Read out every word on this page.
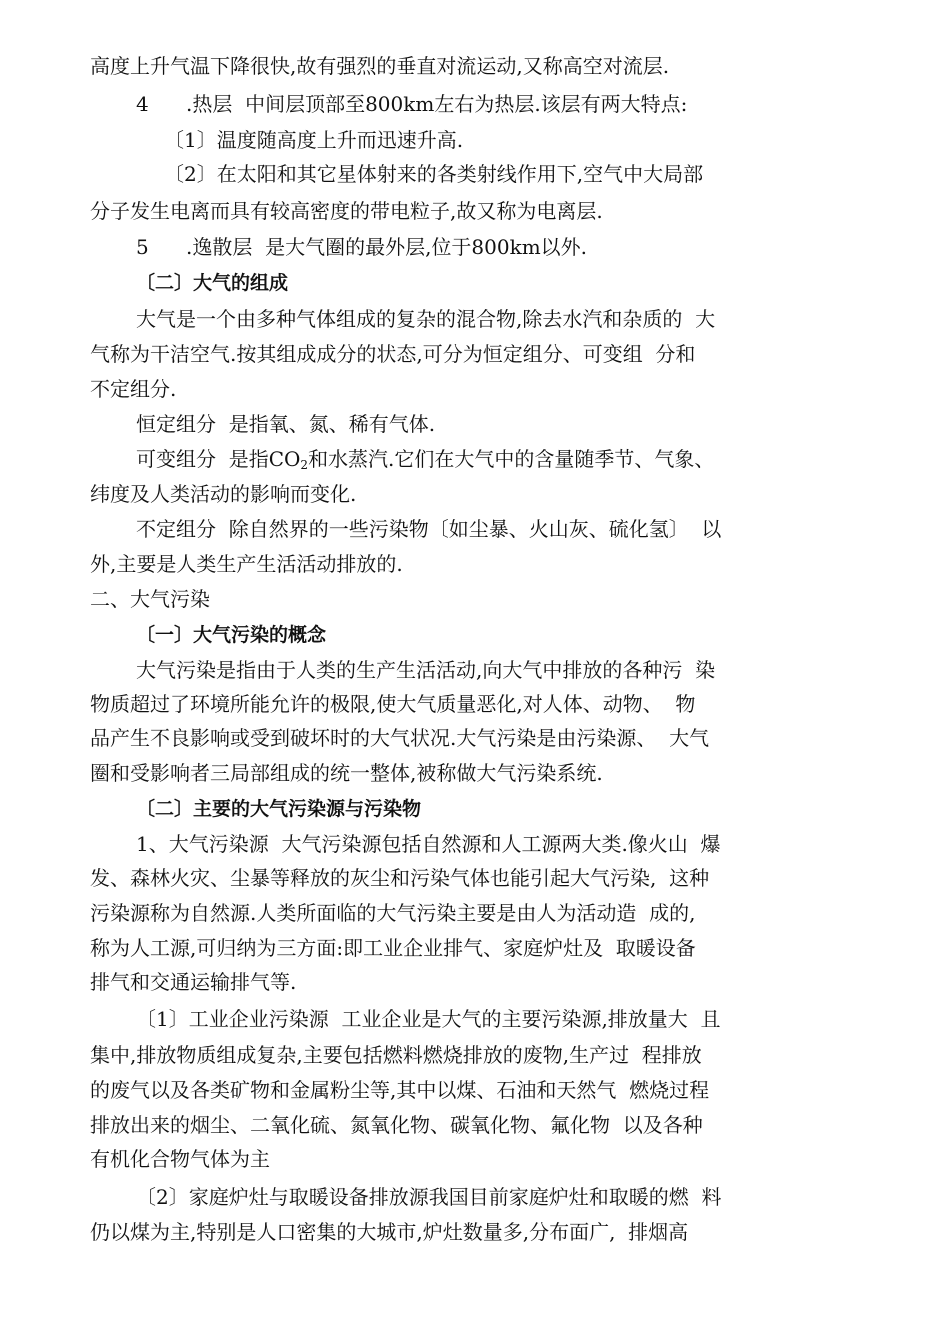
高度上升气温下降很快,故有强烈的垂直对流运动,又称高空对流层.
4 .热层  中间层顶部至800km左右为热层.该层有两大特点:
〔1〕温度随高度上升而迅速升高.
〔2〕在太阳和其它星体射来的各类射线作用下,空气中大局部
分子发生电离而具有较高密度的带电粒子,故又称为电离层.
5 .逸散层  是大气圈的最外层,位于800km以外.
〔二〕大气的组成
大气是一个由多种气体组成的复杂的混合物,除去水汽和杂质的  大
气称为干洁空气.按其组成成分的状态,可分为恒定组分、可变组  分和
不定组分.
恒定组分  是指氧、氮、稀有气体.
可变组分  是指$CO_2$和水蒸汽.它们在大气中的含量随季节、气象、
纬度及人类活动的影响而变化.
不定组分  除自然界的一些污染物〔如尘暴、火山灰、硫化氢〕  以
外,主要是人类生产生活活动排放的.
二、大气污染
〔一〕大气污染的概念
大气污染是指由于人类的生产生活活动,向大气中排放的各种污  染
物质超过了环境所能允许的极限,使大气质量恶化,对人体、动物、  物
品产生不良影响或受到破坏时的大气状况.大气污染是由污染源、  大气
圈和受影响者三局部组成的统一整体,被称做大气污染系统.
〔二〕主要的大气污染源与污染物
1、大气污染源  大气污染源包括自然源和人工源两大类.像火山  爆
发、森林火灾、尘暴等释放的灰尘和污染气体也能引起大气污染,  这种
污染源称为自然源.人类所面临的大气污染主要是由人为活动造  成的,
称为人工源,可归纳为三方面:即工业企业排气、家庭炉灶及  取暖设备
排气和交通运输排气等.
〔1〕工业企业污染源  工业企业是大气的主要污染源,排放量大  且
集中,排放物质组成复杂,主要包括燃料燃烧排放的废物,生产过  程排放
的废气以及各类矿物和金属粉尘等,其中以煤、石油和天然气  燃烧过程
排放出来的烟尘、二氧化硫、氮氧化物、碳氧化物、氟化物  以及各种
有机化合物气体为主
〔2〕家庭炉灶与取暖设备排放源我国目前家庭炉灶和取暖的燃  料
仍以煤为主,特别是人口密集的大城市,炉灶数量多,分布面广,  排烟高
